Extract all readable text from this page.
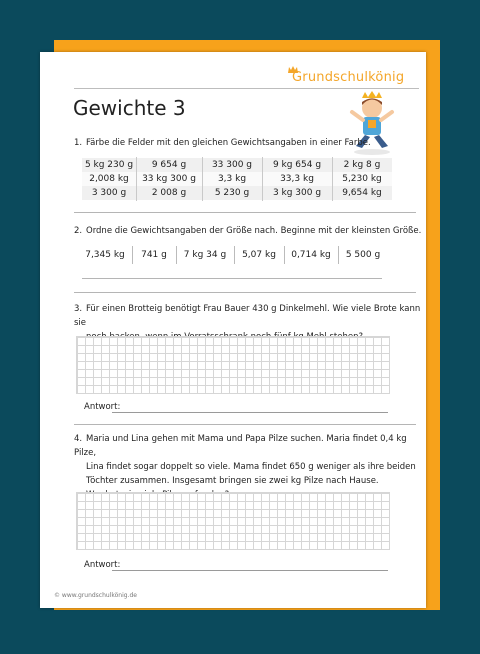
Grundschulkönig
Gewichte 3
1. Färbe die Felder mit den gleichen Gewichtsangaben in einer Farbe.
5 kg 230 g	9 654 g	33 300 g	9 kg 654 g	2 kg 8 g
2,008 kg	33 kg 300 g	3,3 kg	33,3 kg	5,230 kg
3 300 g	2 008 g	5 230 g	3 kg 300 g	9,654 kg
2. Ordne die Gewichtsangaben der Größe nach. Beginne mit der kleinsten Größe.
7,345 kg	741 g	7 kg 34 g	5,07 kg	0,714 kg	5 500 g
3. Für einen Brotteig benötigt Frau Bauer 430 g Dinkelmehl. Wie viele Brote kann sie

Antwort:
4. Maria und Lina gehen mit Mama und Papa Pilze suchen. Maria findet 0,4 kg Pilze,
Lina findet sogar doppelt so viele. Mama findet 650 g weniger als ihre beiden
Töchter zusammen. Insgesamt bringen sie zwei kg Pilze nach Hause.

Antwort:
© www.grundschulkönig.de
